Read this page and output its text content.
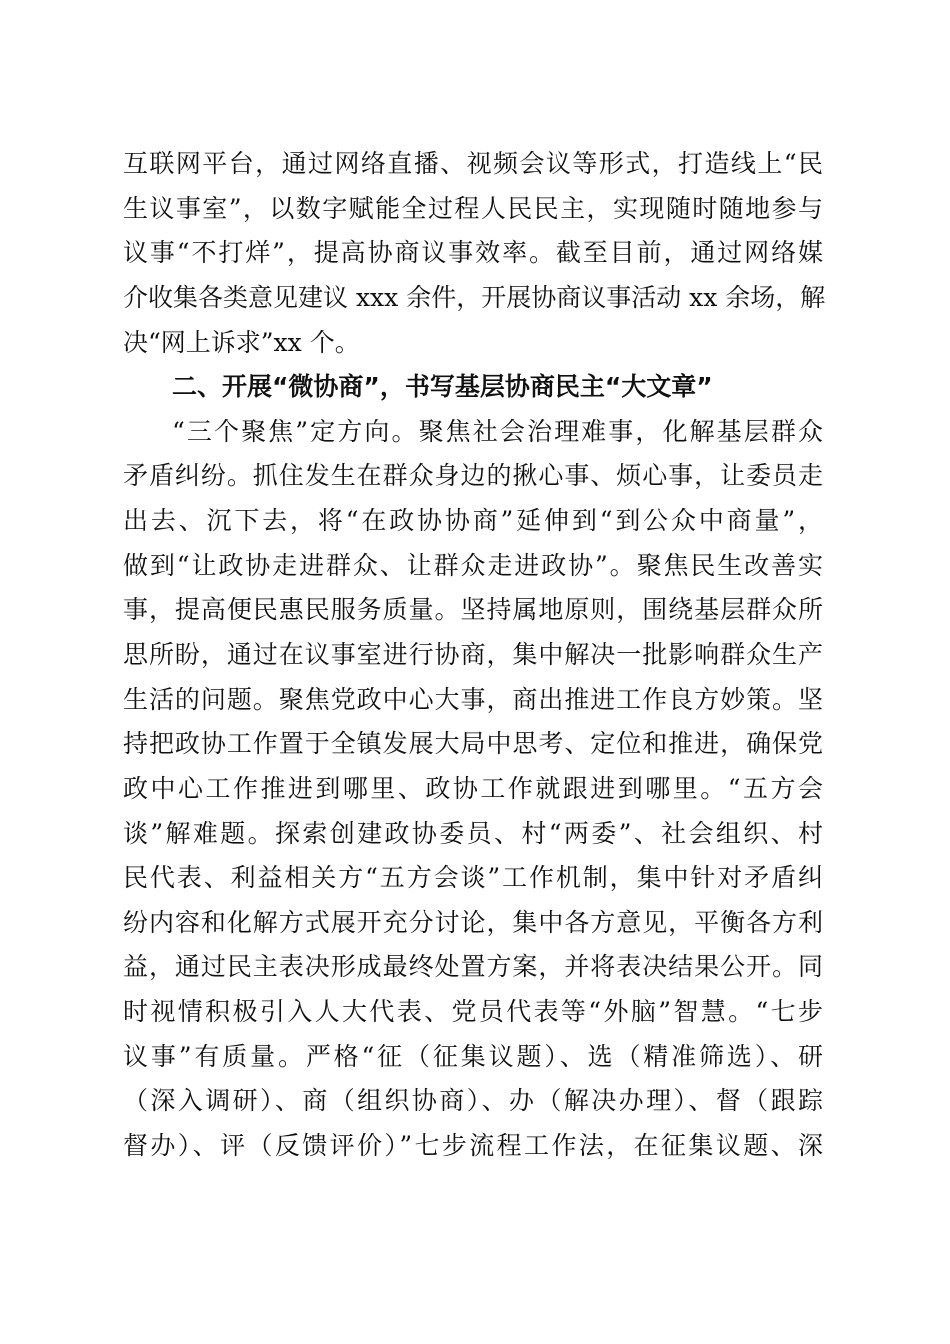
互联网平台，通过网络直播、视频会议等形式，打造线上“民
生议事室”，以数字赋能全过程人民民主，实现随时随地参与
议事“不打烊”，提高协商议事效率。截至目前，通过网络媒
介收集各类意见建议 xxx 余件，开展协商议事活动 xx 余场，解
决“网上诉求”xx 个。
二、开展“微协商”，书写基层协商民主“大文章”
“三个聚焦”定方向。聚焦社会治理难事，化解基层群众
矛盾纠纷。抓住发生在群众身边的揪心事、烦心事，让委员走
出去、沉下去，将“在政协协商”延伸到“到公众中商量”，
做到“让政协走进群众、让群众走进政协”。聚焦民生改善实
事，提高便民惠民服务质量。坚持属地原则，围绕基层群众所
思所盼，通过在议事室进行协商，集中解决一批影响群众生产
生活的问题。聚焦党政中心大事，商出推进工作良方妙策。坚
持把政协工作置于全镇发展大局中思考、定位和推进，确保党
政中心工作推进到哪里、政协工作就跟进到哪里。“五方会
谈”解难题。探索创建政协委员、村“两委”、社会组织、村
民代表、利益相关方“五方会谈”工作机制，集中针对矛盾纠
纷内容和化解方式展开充分讨论，集中各方意见，平衡各方利
益，通过民主表决形成最终处置方案，并将表决结果公开。同
时视情积极引入人大代表、党员代表等“外脑”智慧。“七步
议事”有质量。严格“征（征集议题）、选（精准筛选）、研
（深入调研）、商（组织协商）、办（解决办理）、督（跟踪
督办）、评（反馈评价）”七步流程工作法，在征集议题、深
